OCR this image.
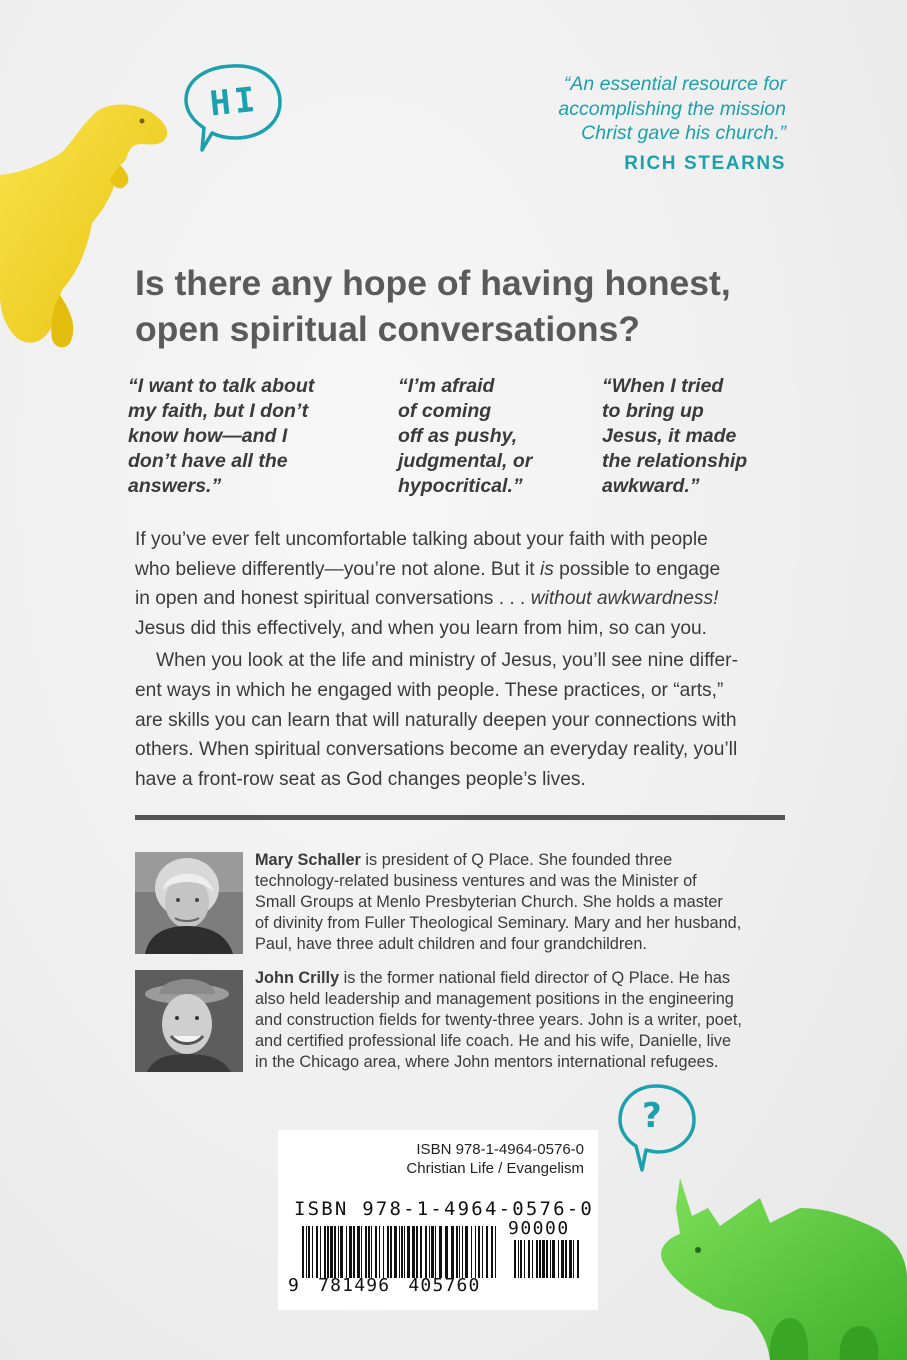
HI	“An essential resource for
accomplishing the mission
Christ gave his church.”
RICH STEARNS
Is there any hope of having honest,
open spiritual conversations?
“I want to talk about
my faith, but I don’t
know how—and I
don’t have all the
answers.”
“I’m afraid
of coming
off as pushy,
judgmental, or
hypocritical.”
“When I tried
to bring up
Jesus, it made
the relationship
awkward.”
If you’ve ever felt uncomfortable talking about your faith with people
who believe differently—you’re not alone. But it is possible to engage
in open and honest spiritual conversations . . . without awkwardness!
Jesus did this effectively, and when you learn from him, so can you.
When you look at the life and ministry of Jesus, you’ll see nine differ-
ent ways in which he engaged with people. These practices, or “arts,”
are skills you can learn that will naturally deepen your connections with
others. When spiritual conversations become an everyday reality, you’ll
have a front-row seat as God changes people’s lives.
Mary Schaller is president of Q Place. She founded three
technology-related business ventures and was the Minister of
Small Groups at Menlo Presbyterian Church. She holds a master
of divinity from Fuller Theological Seminary. Mary and her husband,
Paul, have three adult children and four grandchildren.
John Crilly is the former national field director of Q Place. He has
also held leadership and management positions in the engineering
and construction fields for twenty-three years. John is a writer, poet,
and certified professional life coach. He and his wife, Danielle, live
in the Chicago area, where John mentors international refugees.
?
ISBN 978-1-4964-0576-0
Christian Life / Evangelism
ISBN 978-1-4964-0576-0
90000
9 781496 405760
